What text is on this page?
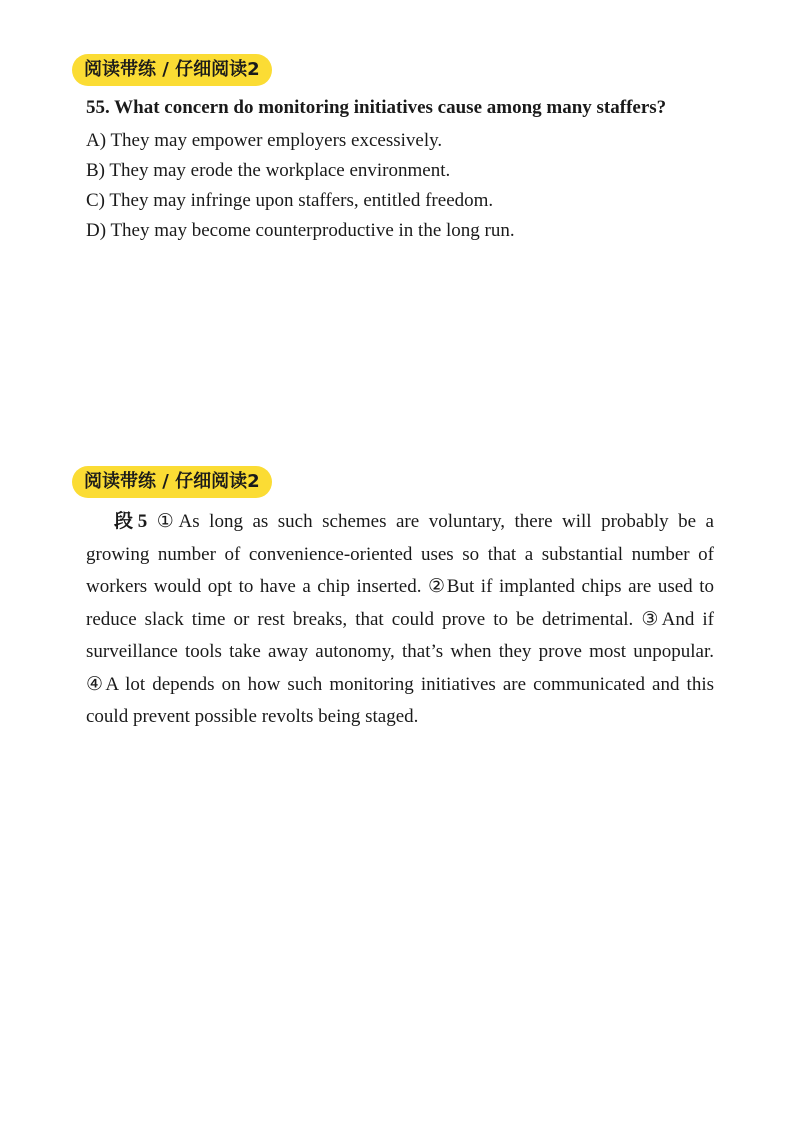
阅读带练 / 仔细阅读2

55. What concern do monitoring initiatives cause among many staffers?

A) They may empower employers excessively.

B) They may erode the workplace environment.

C) They may infringe upon staffers, entitled freedom.

D) They may become counterproductive in the long run.

阅读带练 / 仔细阅读2

段5 ①As long as such schemes are voluntary, there will probably be a growing number of convenience-oriented uses so that a substantial number of workers would opt to have a chip inserted. ②But if implanted chips are used to reduce slack time or rest breaks, that could prove to be detrimental. ③And if surveillance tools take away autonomy, that’s when they prove most unpopular. ④A lot depends on how such monitoring initiatives are communicated and this could prevent possible revolts being staged.
